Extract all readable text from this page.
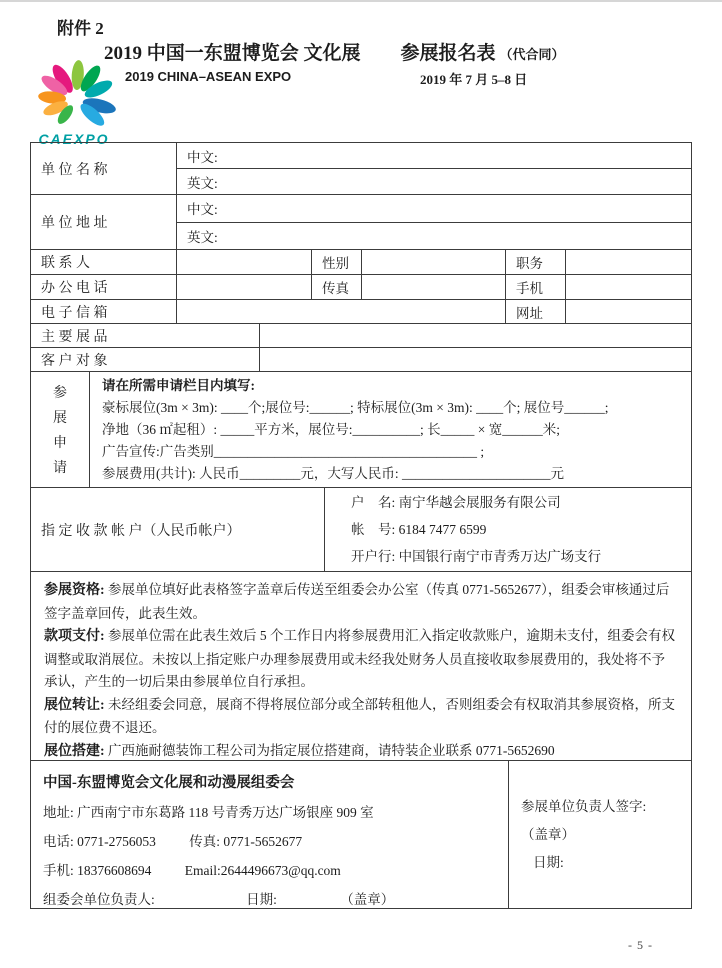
附件 2
CAEXPO
2019 中国一东盟博览会 文化展 参展报名表 （代合同）
2019 CHINA–ASEAN EXPO	2019 年 7 月 5–8 日
单 位 名 称
中文:
英文:
单 位 地 址
中文:
英文:
联 系 人	性别	职务
办 公 电 话	传真	手机
电 子 信 箱	网址
主 要 展 品
客 户 对 象
参
展
申
请
请在所需申请栏目内填写:
豪标展位(3m × 3m): ____个;展位号:______; 特标展位(3m × 3m): ____个; 展位号______;
净地（36 ㎡起租）: _____平方米，展位号:__________; 长_____ × 宽______米;
广告宣传:广告类别_______________________________________ ;
参展费用(共计): 人民币_________元，大写人民币: ______________________元
指 定 收 款 帐 户（人民币帐户）
户　名: 南宁华越会展服务有限公司
帐　号: 6184 7477 6599
开户行: 中国银行南宁市青秀万达广场支行

参展资格: 参展单位填好此表格签字盖章后传送至组委会办公室（传真 0771-5652677），组委会审核通过后签字盖章回传，此表生效。

款项支付: 参展单位需在此表生效后 5 个工作日内将参展费用汇入指定收款账户，逾期未支付，组委会有权调整或取消展位。未按以上指定账户办理参展费用或未经我处财务人员直接收取参展费用的，我处将不予承认，产生的一切后果由参展单位自行承担。

展位转让: 未经组委会同意，展商不得将展位部分或全部转租他人，否则组委会有权取消其参展资格，所支付的展位费不退还。

展位搭建: 广西施耐德装饰工程公司为指定展位搭建商，请特装企业联系 0771-5652690

中国-东盟博览会文化展和动漫展组委会
地址: 广西南宁市东葛路 118 号青秀万达广场银座 909 室
电话: 0771-2756053 传真: 0771-5652677
手机: 18376608694 Email:2644496673@qq.com
组委会单位负责人:	日期:	（盖章）
参展单位负责人签字:
（盖章）
日期:
- 5 -
